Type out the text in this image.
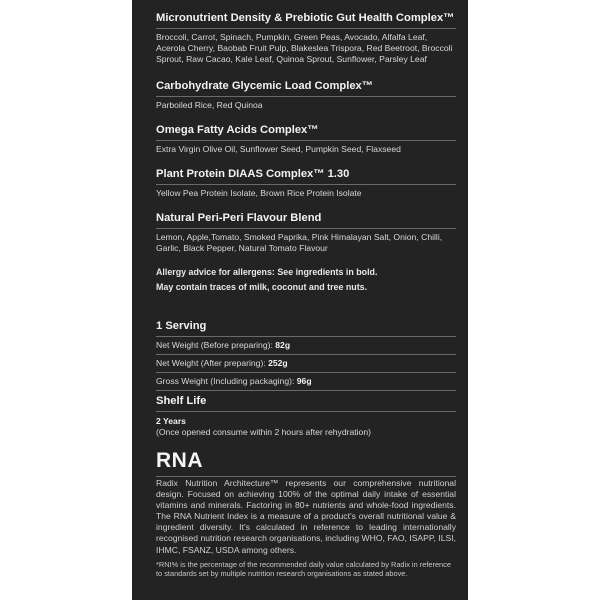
Micronutrient Density & Prebiotic Gut Health Complex™
Broccoli, Carrot, Spinach, Pumpkin, Green Peas, Avocado, Alfalfa Leaf, Acerola Cherry, Baobab Fruit Pulp, Blakeslea Trispora, Red Beetroot, Broccoli Sprout, Raw Cacao, Kale Leaf, Quinoa Sprout, Sunflower, Parsley Leaf
Carbohydrate Glycemic Load Complex™
Parboiled Rice, Red Quinoa
Omega Fatty Acids Complex™
Extra Virgin Olive Oil, Sunflower Seed, Pumpkin Seed, Flaxseed
Plant Protein DIAAS Complex™ 1.30
Yellow Pea Protein Isolate, Brown Rice Protein Isolate
Natural Peri-Peri Flavour Blend
Lemon, Apple,Tomato, Smoked Paprika, Pink Himalayan Salt, Onion, Chilli, Garlic, Black Pepper, Natural Tomato Flavour
Allergy advice for allergens: See ingredients in bold.
May contain traces of milk, coconut and tree nuts.
1 Serving
Net Weight (Before preparing): 82g
Net Weight (After preparing): 252g
Gross Weight (Including packaging): 96g
Shelf Life
2 Years
(Once opened consume within 2 hours after rehydration)
RNA
Radix Nutrition Architecture™ represents our comprehensive nutritional design. Focused on achieving 100% of the optimal daily intake of essential vitamins and minerals. Factoring in 80+ nutrients and whole-food ingredients. The RNA Nutrient Index is a measure of a product's overall nutritional value & ingredient diversity. It's calculated in reference to leading internationally recognised nutrition research organisations, including WHO, FAO, ISAPP, ILSI, IHMC, FSANZ, USDA among others.
*RNI% is the percentage of the recommended daily value calculated by Radix in reference to standards set by multiple nutrition research organisations as stated above.
